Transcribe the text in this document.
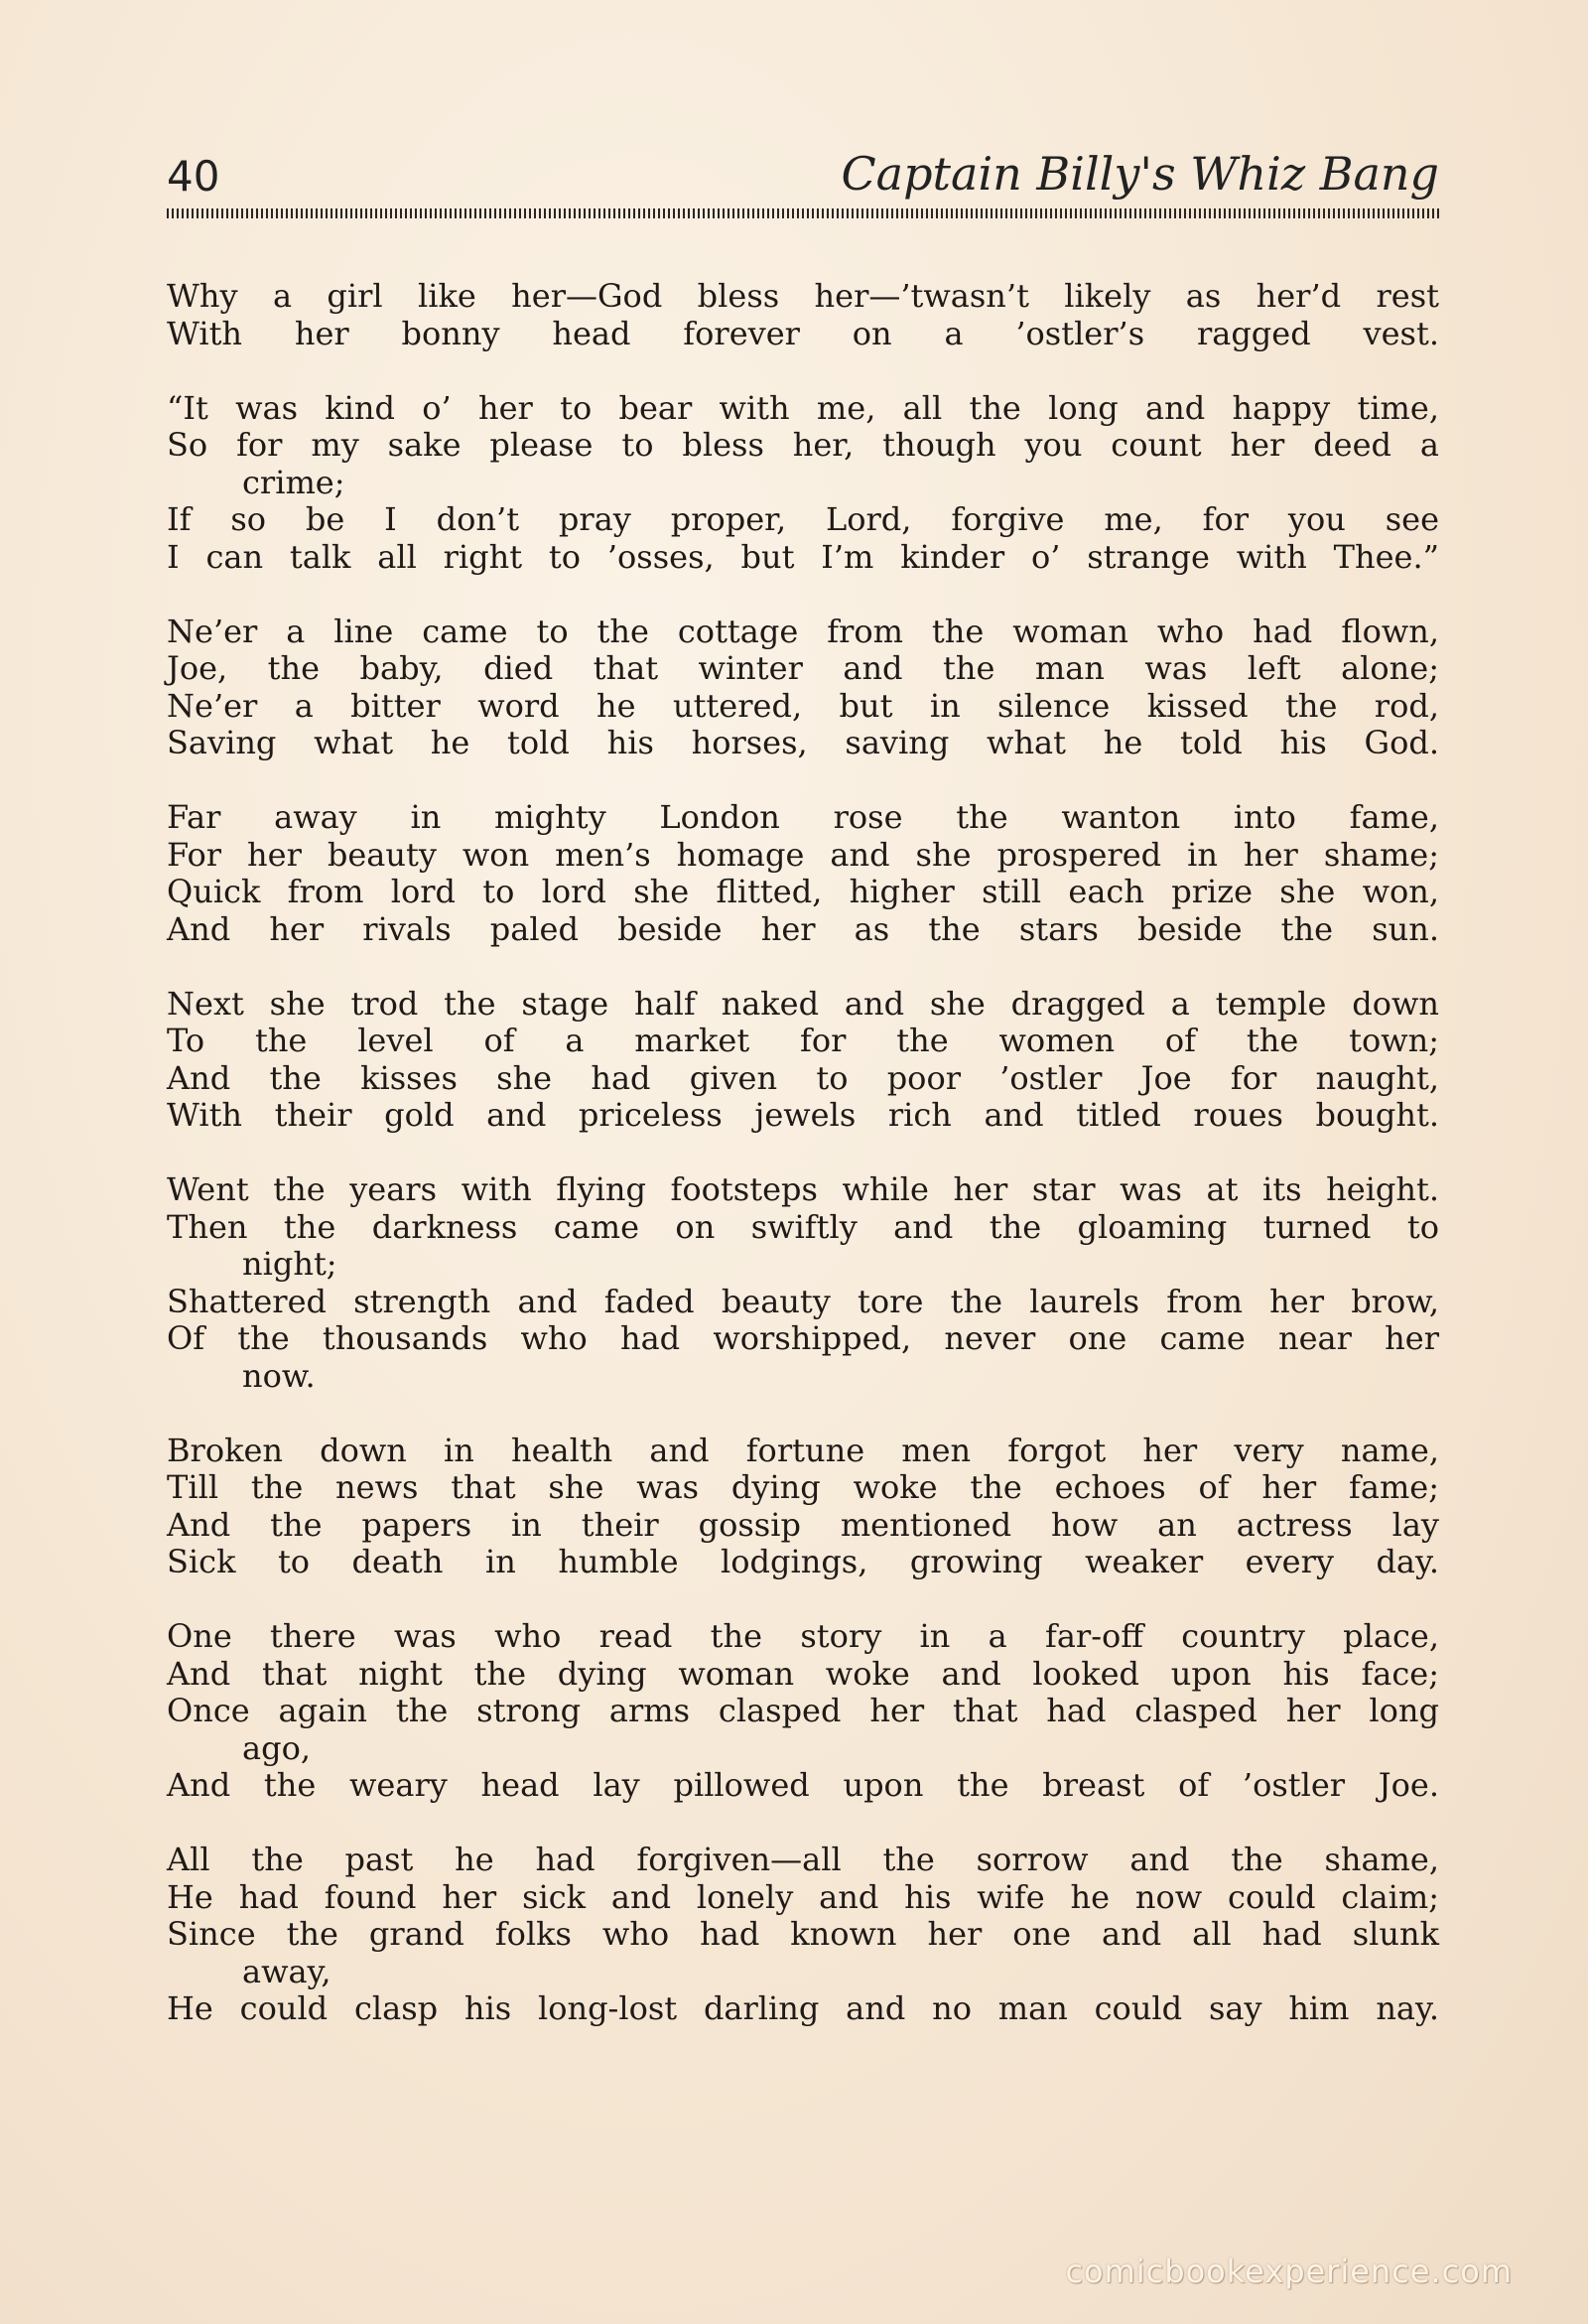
40	Captain Billy's Whiz Bang
Why a girl like her—God bless her—’twasn’t likely as her’d rest
With her bonny head forever on a ’ostler’s ragged vest.
“It was kind o’ her to bear with me, all the long and happy time,
So for my sake please to bless her, though you count her deed a
crime;
If so be I don’t pray proper, Lord, forgive me, for you see
I can talk all right to ’osses, but I’m kinder o’ strange with Thee.”
Ne’er a line came to the cottage from the woman who had flown,
Joe, the baby, died that winter and the man was left alone;
Ne’er a bitter word he uttered, but in silence kissed the rod,
Saving what he told his horses, saving what he told his God.
Far away in mighty London rose the wanton into fame,
For her beauty won men’s homage and she prospered in her shame;
Quick from lord to lord she flitted, higher still each prize she won,
And her rivals paled beside her as the stars beside the sun.
Next she trod the stage half naked and she dragged a temple down
To the level of a market for the women of the town;
And the kisses she had given to poor ’ostler Joe for naught,
With their gold and priceless jewels rich and titled roues bought.
Went the years with flying footsteps while her star was at its height.
Then the darkness came on swiftly and the gloaming turned to
night;
Shattered strength and faded beauty tore the laurels from her brow,
Of the thousands who had worshipped, never one came near her
now.
Broken down in health and fortune men forgot her very name,
Till the news that she was dying woke the echoes of her fame;
And the papers in their gossip mentioned how an actress lay
Sick to death in humble lodgings, growing weaker every day.
One there was who read the story in a far-off country place,
And that night the dying woman woke and looked upon his face;
Once again the strong arms clasped her that had clasped her long
ago,
And the weary head lay pillowed upon the breast of ’ostler Joe.
All the past he had forgiven—all the sorrow and the shame,
He had found her sick and lonely and his wife he now could claim;
Since the grand folks who had known her one and all had slunk
away,
He could clasp his long-lost darling and no man could say him nay.
comicbookexperience.com
